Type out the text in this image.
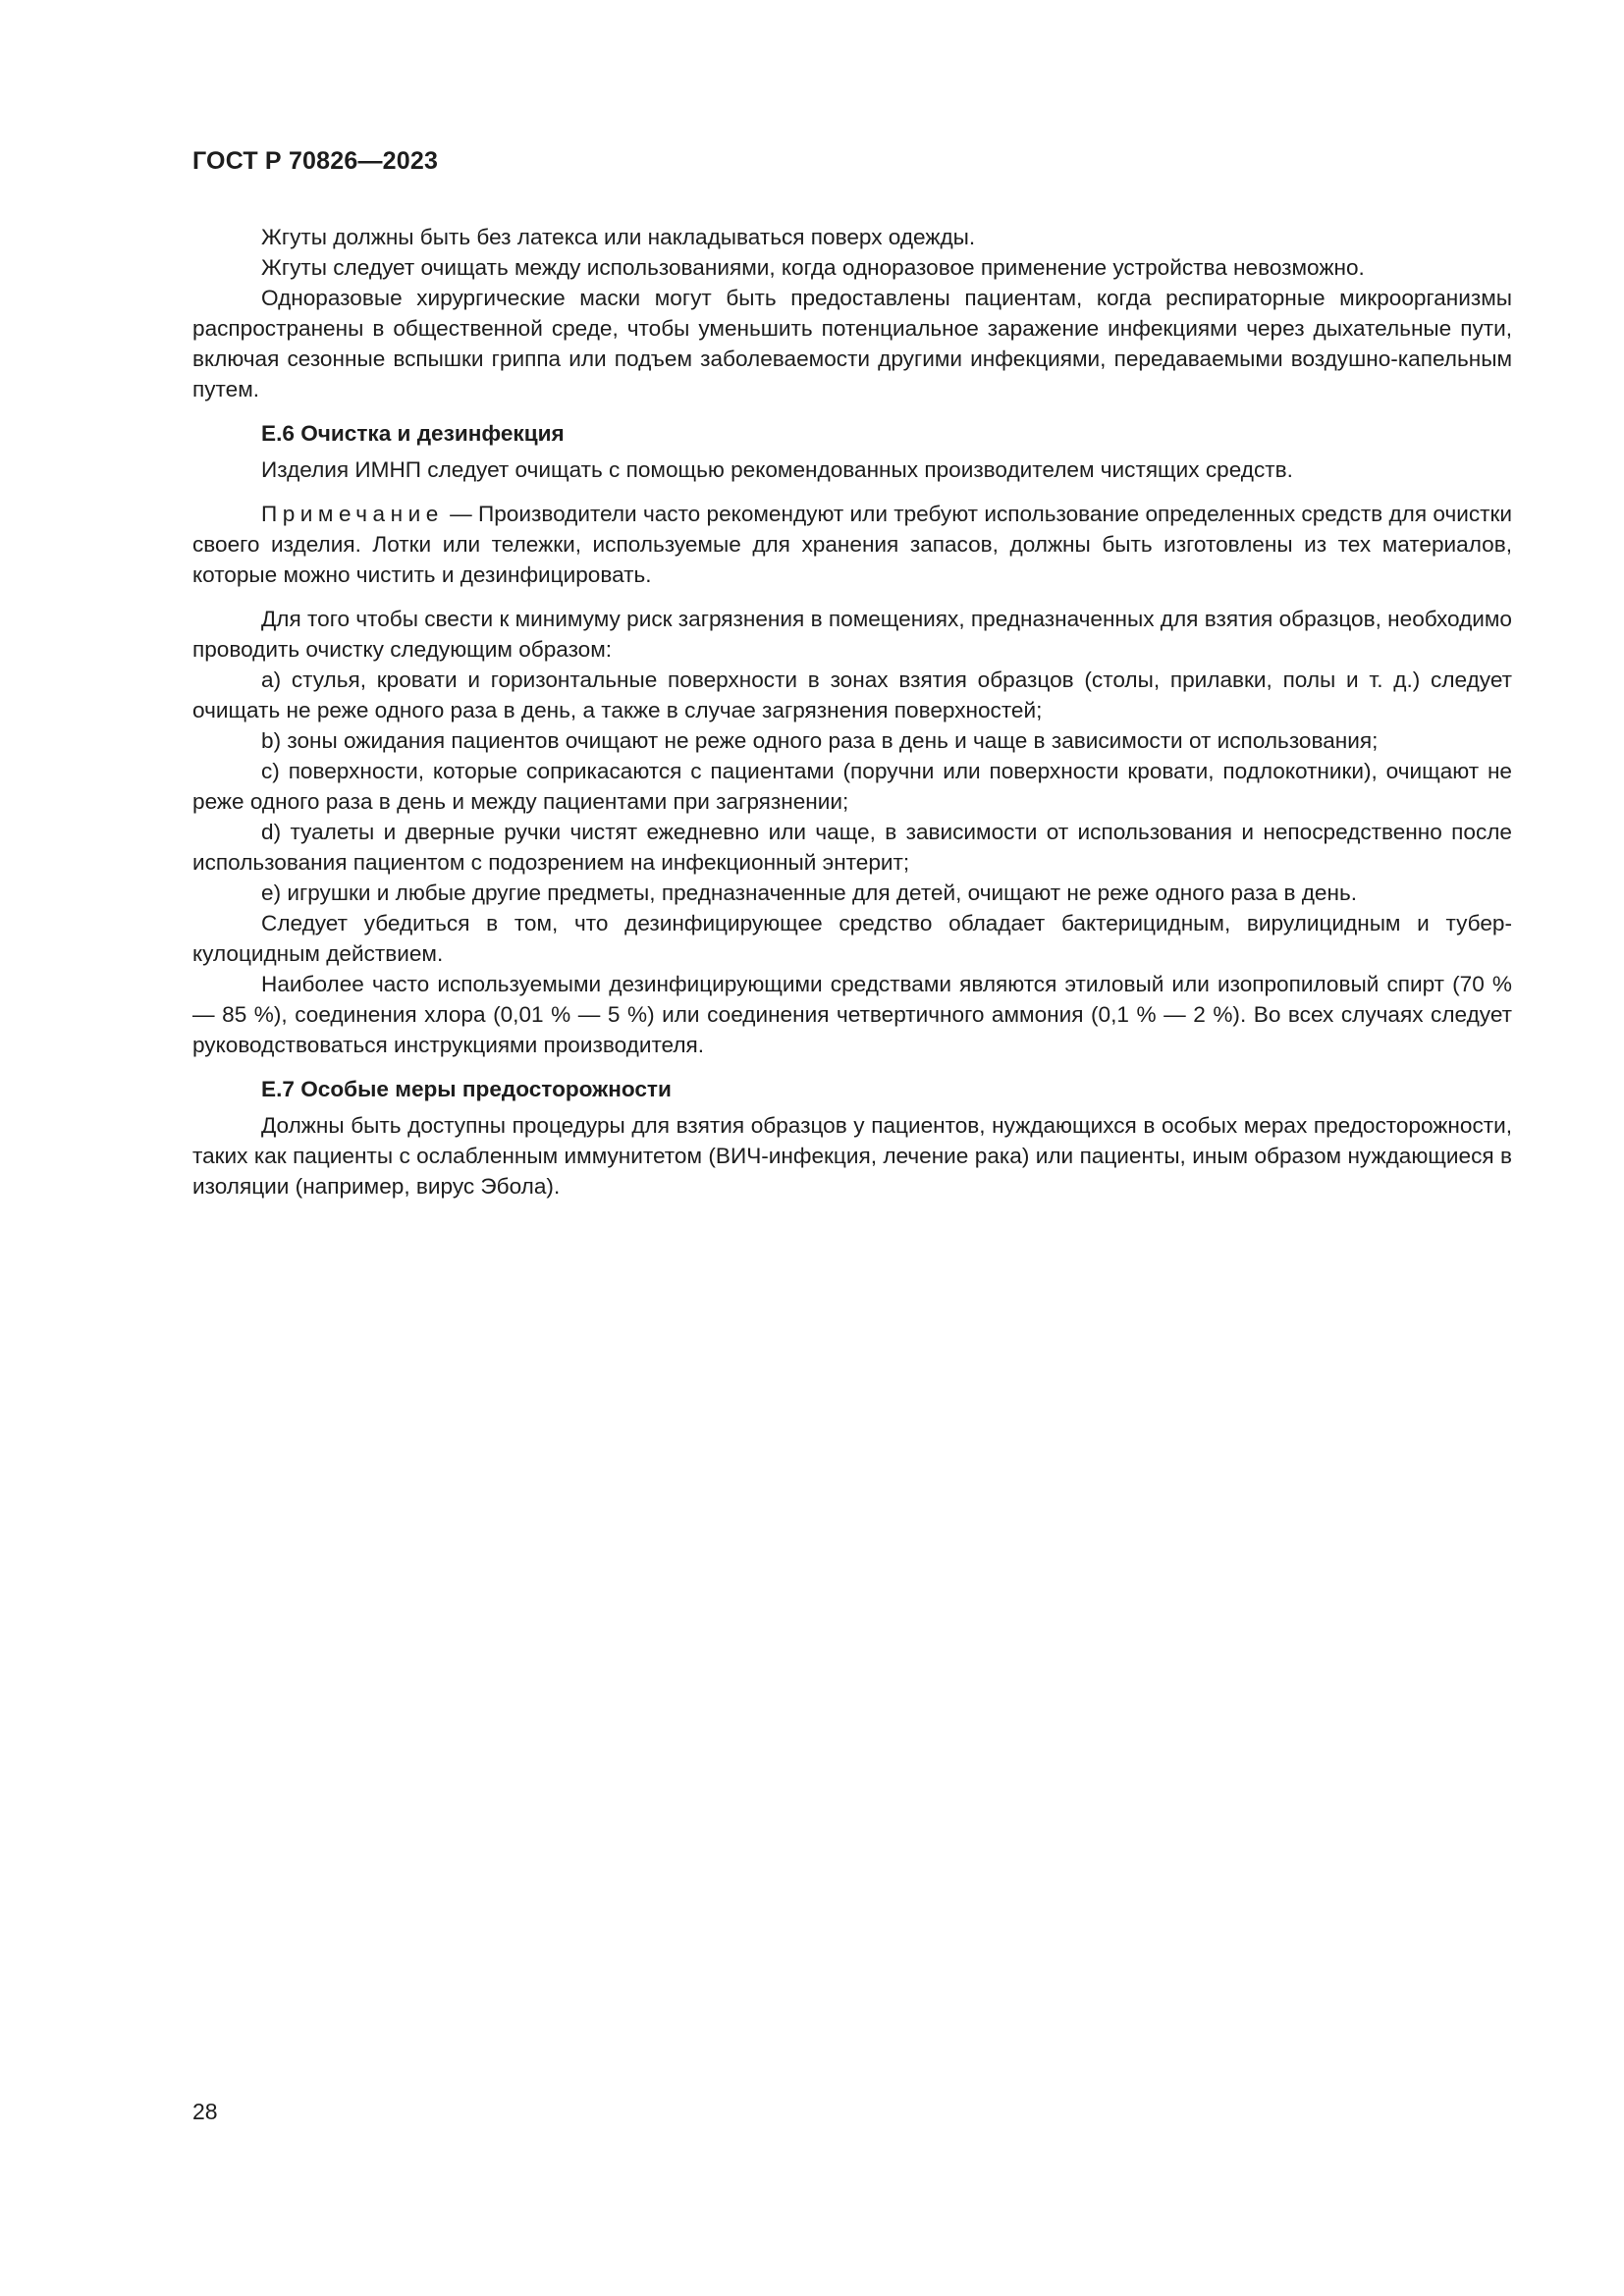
ГОСТ Р 70826—2023

Жгуты должны быть без латекса или накладываться поверх одежды.

Жгуты следует очищать между использованиями, когда одноразовое применение устройства невозможно.

Одноразовые хирургические маски могут быть предоставлены пациентам, когда респираторные микроорганизмы распространены в общественной среде, чтобы уменьшить потенциальное заражение инфекциями через дыхательные пути, включая сезонные вспышки гриппа или подъем заболеваемости другими инфекциями, передаваемыми воздушно-капельным путем.

Е.6 Очистка и дезинфекция

Изделия ИМНП следует очищать с помощью рекомендованных производителем чистящих средств.

Примечание — Производители часто рекомендуют или требуют использование определенных средств для очистки своего изделия. Лотки или тележки, используемые для хранения запасов, должны быть изготовлены из тех материалов, которые можно чистить и дезинфицировать.

Для того чтобы свести к минимуму риск загрязнения в помещениях, предназначенных для взятия образцов, необходимо проводить очистку следующим образом:

a) стулья, кровати и горизонтальные поверхности в зонах взятия образцов (столы, прилавки, полы и т. д.) следует очищать не реже одного раза в день, а также в случае загрязнения поверхностей;

b) зоны ожидания пациентов очищают не реже одного раза в день и чаще в зависимости от использования;

c) поверхности, которые соприкасаются с пациентами (поручни или поверхности кровати, подлокотники), очищают не реже одного раза в день и между пациентами при загрязнении;

d) туалеты и дверные ручки чистят ежедневно или чаще, в зависимости от использования и непосредственно после использования пациентом с подозрением на инфекционный энтерит;

e) игрушки и любые другие предметы, предназначенные для детей, очищают не реже одного раза в день.

Следует убедиться в том, что дезинфицирующее средство обладает бактерицидным, вирулицидным и туберкулоцидным действием.

Наиболее часто используемыми дезинфицирующими средствами являются этиловый или изопропиловый спирт (70 % — 85 %), соединения хлора (0,01 % — 5 %) или соединения четвертичного аммония (0,1 % — 2 %). Во всех случаях следует руководствоваться инструкциями производителя.

Е.7 Особые меры предосторожности

Должны быть доступны процедуры для взятия образцов у пациентов, нуждающихся в особых мерах предосторожности, таких как пациенты с ослабленным иммунитетом (ВИЧ-инфекция, лечение рака) или пациенты, иным образом нуждающиеся в изоляции (например, вирус Эбола).

28
